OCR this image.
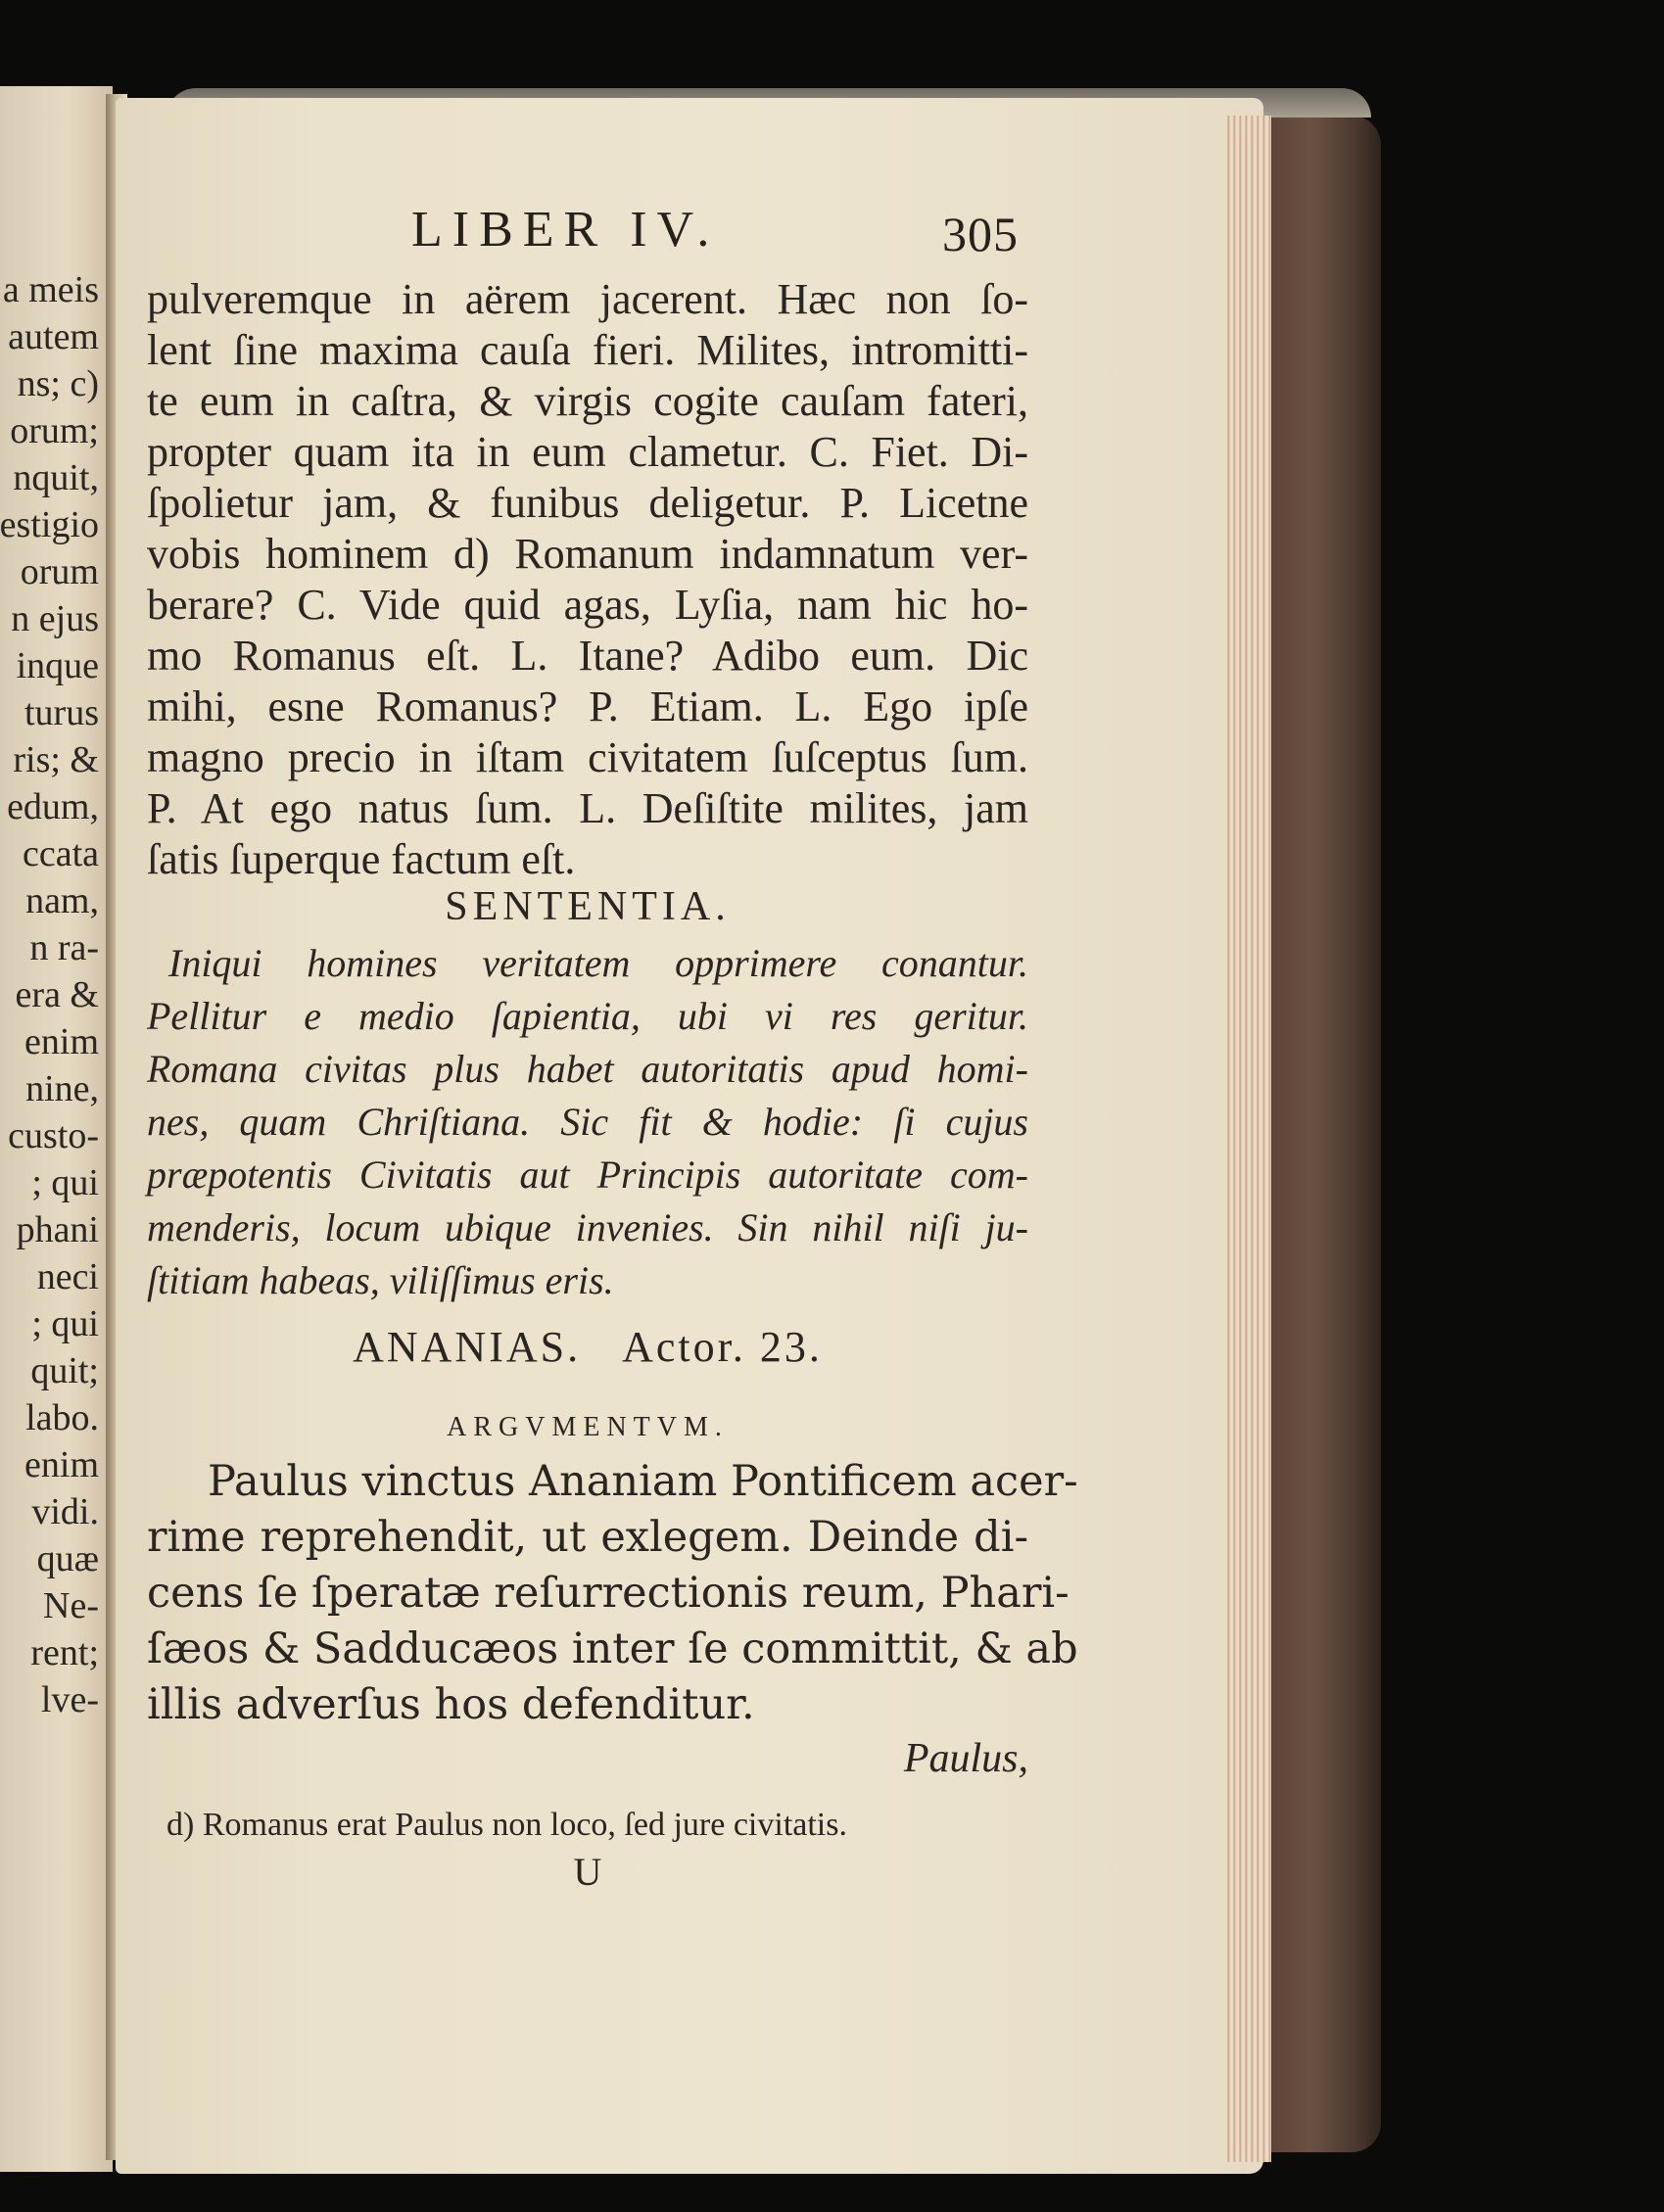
a meis
autem
ns; c)
orum;
nquit,
estigio
orum
n ejus
inque
turus
ris; &
edum,
ccata
nam,
n ra-
era &
enim
nine,
custo-
; qui
phani
neci
; qui
quit;
labo.
enim
vidi.
quæ
Ne-
rent;
lve-
LIBER IV.	305
pulveremque in aërem jacerent. Hæc non ſo-
lent ſine maxima cauſa fieri. Milites, intromitti-
te eum in caſtra, & virgis cogite cauſam fateri,
propter quam ita in eum clametur. C. Fiet. Di-
ſpolietur jam, & funibus deligetur. P. Licetne
vobis hominem d) Romanum indamnatum ver-
berare? C. Vide quid agas, Lyſia, nam hic ho-
mo Romanus eſt. L. Itane? Adibo eum. Dic
mihi, esne Romanus? P. Etiam. L. Ego ipſe
magno precio in iſtam civitatem ſuſceptus ſum.
P. At ego natus ſum. L. Deſiſtite milites, jam
ſatis ſuperque factum eſt.
SENTENTIA.
Iniqui homines veritatem opprimere conantur.
Pellitur e medio ſapientia, ubi vi res geritur.
Romana civitas plus habet autoritatis apud homi-
nes, quam Chriſtiana. Sic fit & hodie: ſi cujus
præpotentis Civitatis aut Principis autoritate com-
menderis, locum ubique invenies. Sin nihil niſi ju-
ſtitiam habeas, viliſſimus eris.
ANANIAS. Actor. 23.
ARGVMENTVM.
Paulus vinctus Ananiam Pontificem acer-
rime reprehendit, ut exlegem. Deinde di-
cens ſe ſperatæ reſurrectionis reum, Phari-
ſæos & Sadducæos inter ſe committit, & ab
illis adverſus hos defenditur.
Paulus,
d) Romanus erat Paulus non loco, ſed jure civitatis.
U
